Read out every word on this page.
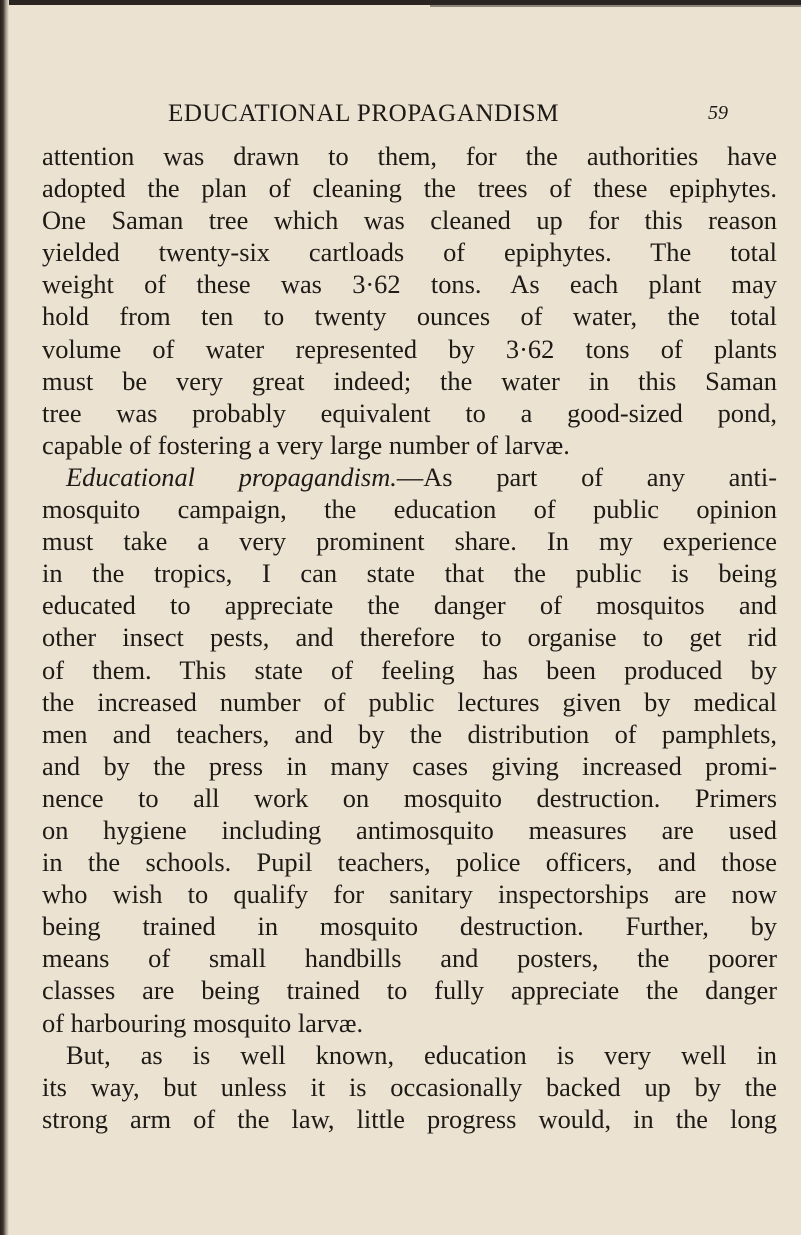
EDUCATIONAL PROPAGANDISM	59
attention was drawn to them, for the authorities have
adopted the plan of cleaning the trees of these epiphytes.
One Saman tree which was cleaned up for this reason
yielded twenty-six cartloads of epiphytes. The total
weight of these was 3·62 tons. As each plant may
hold from ten to twenty ounces of water, the total
volume of water represented by 3·62 tons of plants
must be very great indeed; the water in this Saman
tree was probably equivalent to a good-sized pond,
capable of fostering a very large number of larvæ.
Educational propagandism.—As part of any anti-
mosquito campaign, the education of public opinion
must take a very prominent share. In my experience
in the tropics, I can state that the public is being
educated to appreciate the danger of mosquitos and
other insect pests, and therefore to organise to get rid
of them. This state of feeling has been produced by
the increased number of public lectures given by medical
men and teachers, and by the distribution of pamphlets,
and by the press in many cases giving increased promi-
nence to all work on mosquito destruction. Primers
on hygiene including antimosquito measures are used
in the schools. Pupil teachers, police officers, and those
who wish to qualify for sanitary inspectorships are now
being trained in mosquito destruction. Further, by
means of small handbills and posters, the poorer
classes are being trained to fully appreciate the danger
of harbouring mosquito larvæ.
But, as is well known, education is very well in
its way, but unless it is occasionally backed up by the
strong arm of the law, little progress would, in the long
